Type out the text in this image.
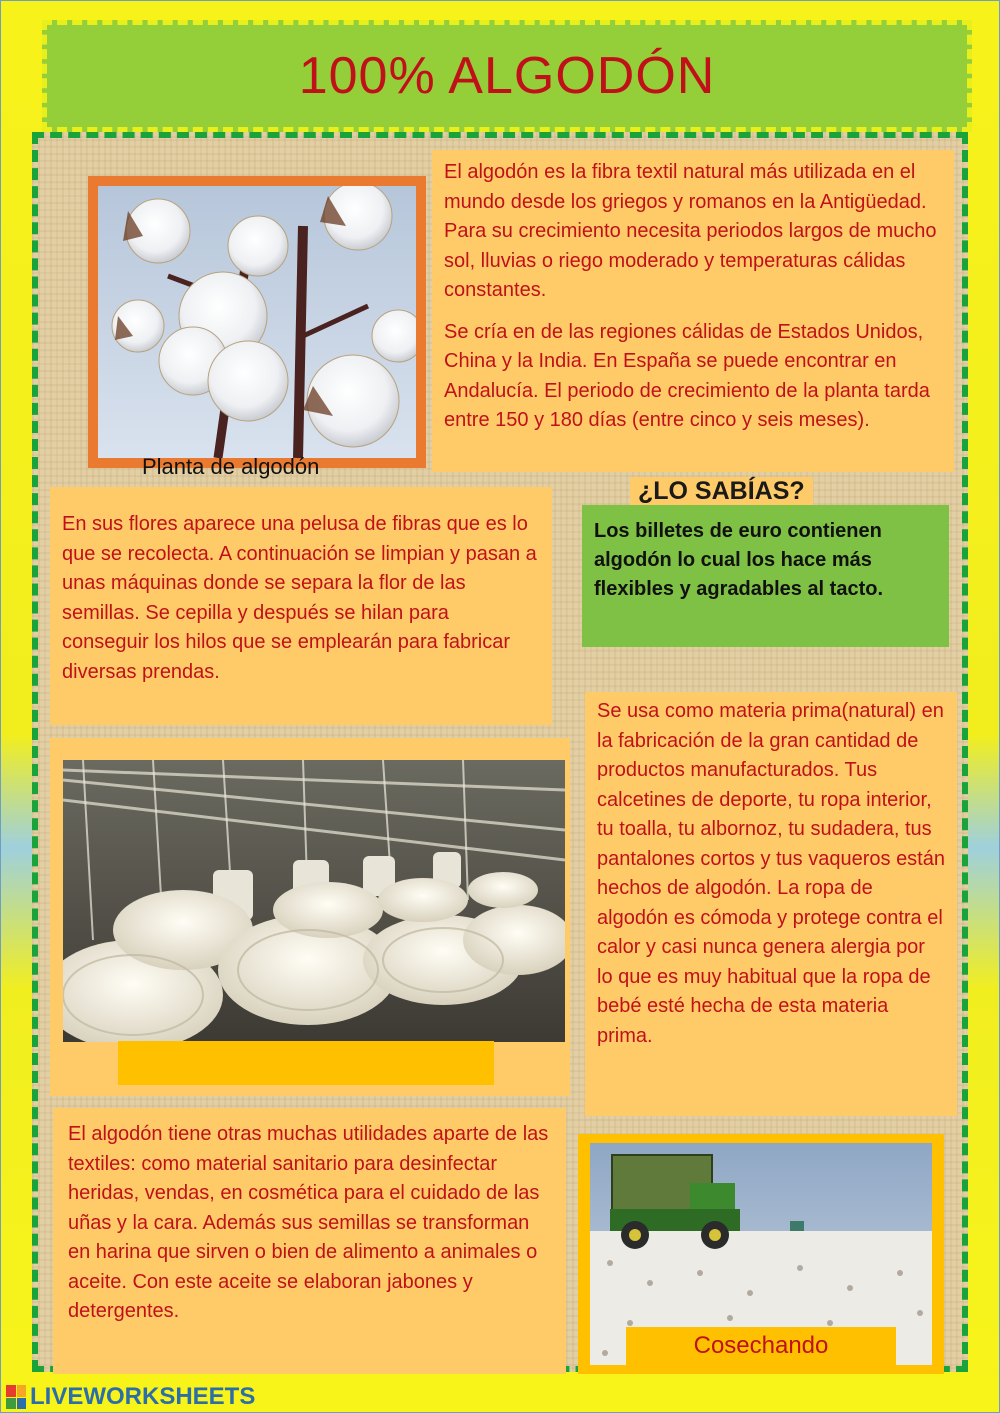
100% ALGODÓN
Planta de algodón

El algodón es la fibra textil natural más utilizada en el mundo desde los griegos y romanos en la Antigüedad. Para su crecimiento necesita periodos largos de mucho sol, lluvias o riego moderado y temperaturas cálidas constantes.

Se cría en de las regiones cálidas de Estados Unidos, China y la India. En España se puede encontrar en Andalucía. El periodo de crecimiento de la planta tarda entre 150 y 180 días (entre cinco y seis meses).

En sus flores aparece una pelusa de fibras que es lo que se recolecta. A continuación se limpian y pasan a unas máquinas donde se separa la flor de las semillas. Se cepilla y después se hilan para conseguir los hilos que se emplearán para fabricar diversas prendas.

¿LO SABÍAS?

Los billetes de euro contienen algodón lo cual los hace más flexibles y agradables al tacto.

Se usa como materia prima(natural) en la fabricación de la gran cantidad de productos manufacturados. Tus calcetines de deporte, tu ropa interior, tu toalla, tu albornoz, tu sudadera, tus pantalones cortos y tus vaqueros están hechos de algodón. La ropa de algodón es cómoda y protege contra el calor y casi nunca genera alergia por lo que es muy habitual que la ropa de bebé esté hecha de esta materia prima.

El algodón tiene otras muchas utilidades aparte de las textiles: como material sanitario para desinfectar heridas, vendas, en cosmética para el cuidado de las uñas y la cara. Además sus semillas se transforman en harina que sirven o bien de alimento a animales o aceite. Con este aceite se elaboran jabones y detergentes.

Cosechando
LIVEWORKSHEETS
